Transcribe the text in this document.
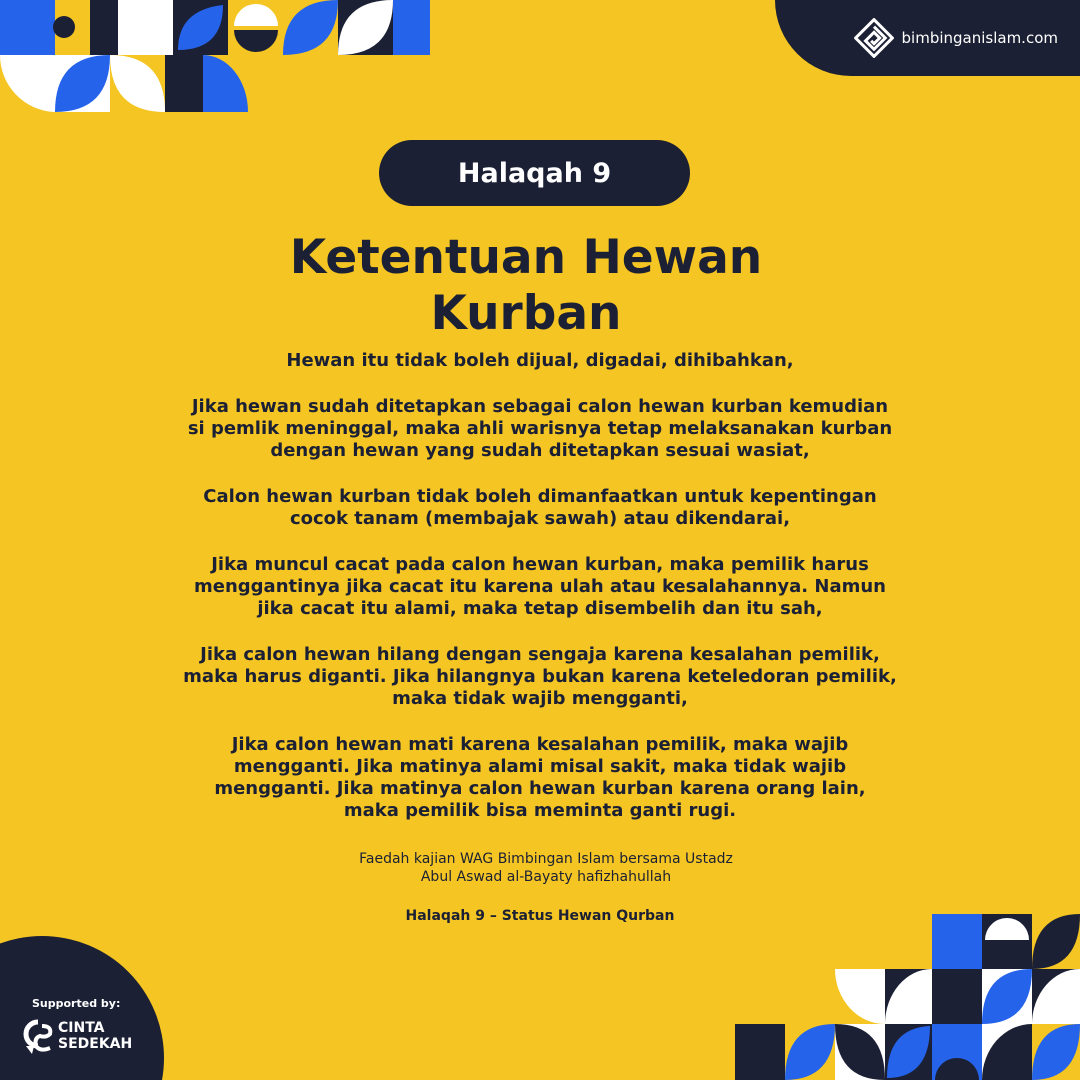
bimbinganislam.com
Halaqah 9
Ketentuan Hewan
Kurban

Hewan itu tidak boleh dijual, digadai, dihibahkan,

Jika hewan sudah ditetapkan sebagai calon hewan kurban kemudian
si pemlik meninggal, maka ahli warisnya tetap melaksanakan kurban
dengan hewan yang sudah ditetapkan sesuai wasiat,

Calon hewan kurban tidak boleh dimanfaatkan untuk kepentingan
cocok tanam (membajak sawah) atau dikendarai,

Jika muncul cacat pada calon hewan kurban, maka pemilik harus
menggantinya jika cacat itu karena ulah atau kesalahannya. Namun
jika cacat itu alami, maka tetap disembelih dan itu sah,

Jika calon hewan hilang dengan sengaja karena kesalahan pemilik,
maka harus diganti. Jika hilangnya bukan karena keteledoran pemilik,
maka tidak wajib mengganti,

Jika calon hewan mati karena kesalahan pemilik, maka wajib
mengganti. Jika matinya alami misal sakit, maka tidak wajib
mengganti. Jika matinya calon hewan kurban karena orang lain,
maka pemilik bisa meminta ganti rugi.

Faedah kajian WAG Bimbingan Islam bersama Ustadz
Abul Aswad al-Bayaty hafizhahullah
Halaqah 9 – Status Hewan Qurban
Supported by:
CINTA
SEDEKAH
